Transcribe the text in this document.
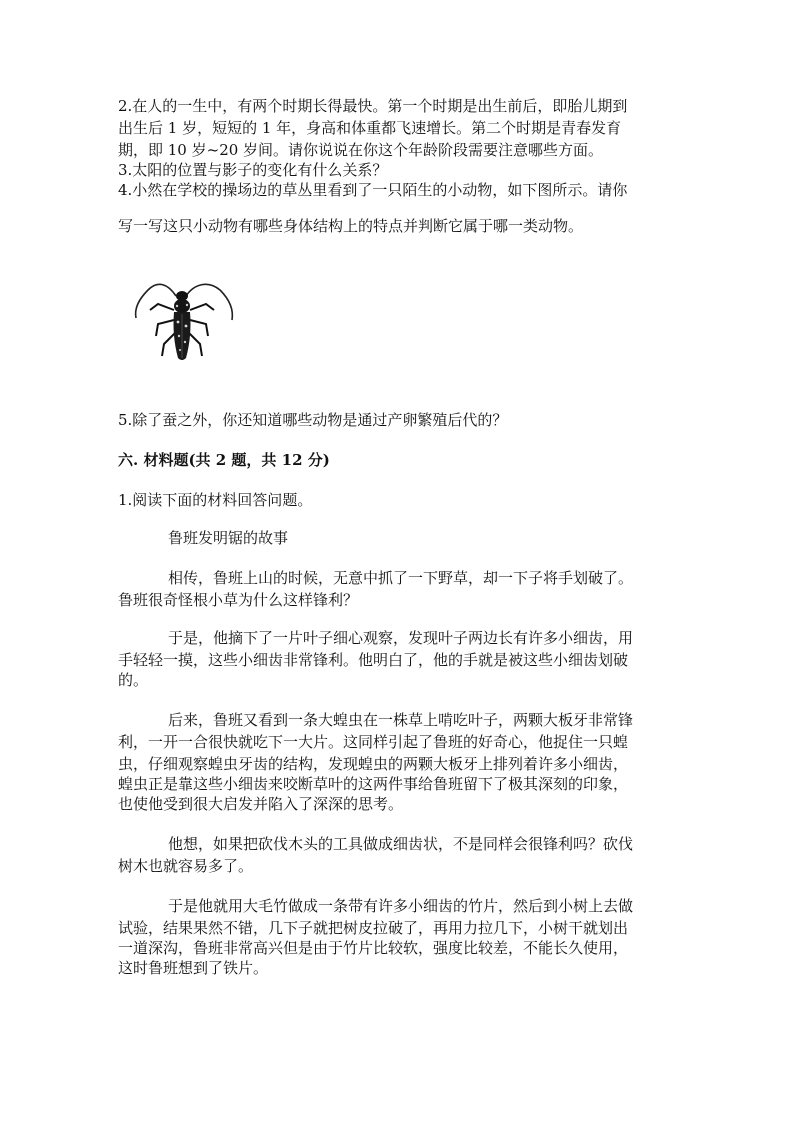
2.在人的一生中，有两个时期长得最快。第一个时期是出生前后，即胎儿期到
出生后 1 岁，短短的 1 年，身高和体重都飞速增长。第二个时期是青春发育
期，即 10 岁~20 岁间。请你说说在你这个年龄阶段需要注意哪些方面。
3.太阳的位置与影子的变化有什么关系？
4.小然在学校的操场边的草丛里看到了一只陌生的小动物，如下图所示。请你
写一写这只小动物有哪些身体结构上的特点并判断它属于哪一类动物。
5.除了蚕之外，你还知道哪些动物是通过产卵繁殖后代的？
六. 材料题(共 2 题，共 12 分)
1.阅读下面的材料回答问题。
鲁班发明锯的故事
相传，鲁班上山的时候，无意中抓了一下野草，却一下子将手划破了。
鲁班很奇怪根小草为什么这样锋利？
于是，他摘下了一片叶子细心观察，发现叶子两边长有许多小细齿，用
手轻轻一摸，这些小细齿非常锋利。他明白了，他的手就是被这些小细齿划破
的。
后来，鲁班又看到一条大蝗虫在一株草上啃吃叶子，两颗大板牙非常锋
利，一开一合很快就吃下一大片。这同样引起了鲁班的好奇心，他捉住一只蝗
虫，仔细观察蝗虫牙齿的结构，发现蝗虫的两颗大板牙上排列着许多小细齿，
蝗虫正是靠这些小细齿来咬断草叶的这两件事给鲁班留下了极其深刻的印象，
也使他受到很大启发并陷入了深深的思考。
他想，如果把砍伐木头的工具做成细齿状，不是同样会很锋利吗？砍伐
树木也就容易多了。
于是他就用大毛竹做成一条带有许多小细齿的竹片，然后到小树上去做
试验，结果果然不错，几下子就把树皮拉破了，再用力拉几下，小树干就划出
一道深沟，鲁班非常高兴但是由于竹片比较软，强度比较差，不能长久使用，
这时鲁班想到了铁片。
